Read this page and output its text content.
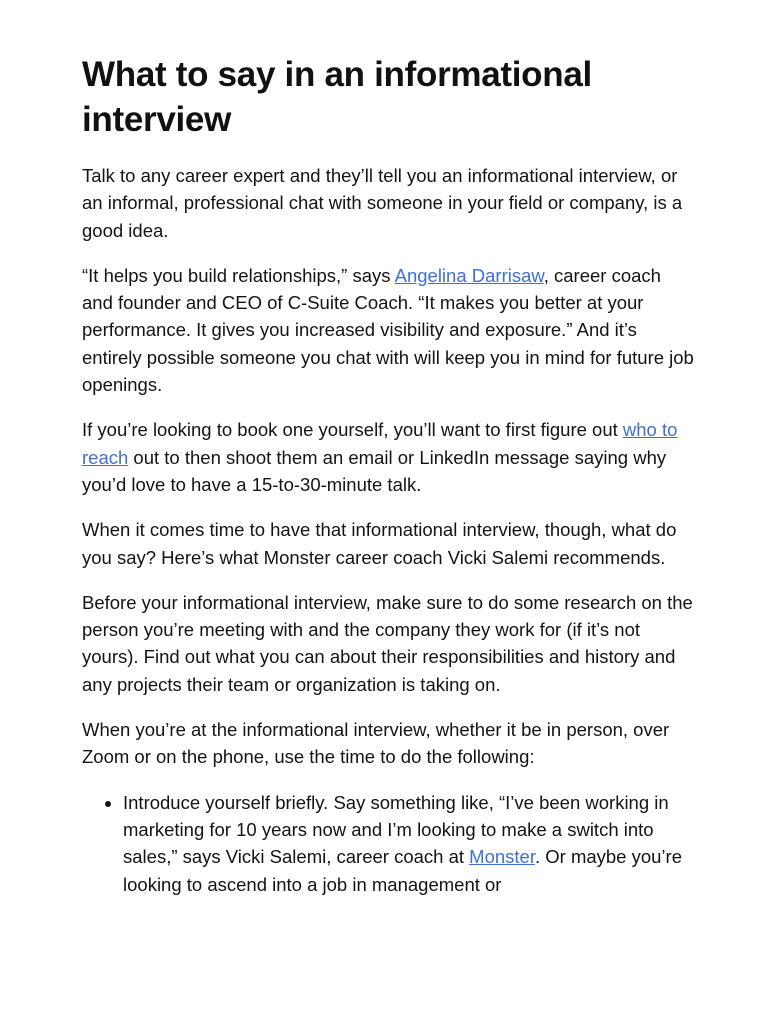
What to say in an informational interview

Talk to any career expert and they’ll tell you an informational interview, or an informal, professional chat with someone in your field or company, is a good idea.

“It helps you build relationships,” says Angelina Darrisaw, career coach and founder and CEO of C-Suite Coach. “It makes you better at your performance. It gives you increased visibility and exposure.” And it’s entirely possible someone you chat with will keep you in mind for future job openings.

If you’re looking to book one yourself, you’ll want to first figure out who to reach out to then shoot them an email or LinkedIn message saying why you’d love to have a 15-to-30-minute talk.

When it comes time to have that informational interview, though, what do you say? Here’s what Monster career coach Vicki Salemi recommends.

Before your informational interview, make sure to do some research on the person you’re meeting with and the company they work for (if it’s not yours). Find out what you can about their responsibilities and history and any projects their team or organization is taking on.

When you’re at the informational interview, whether it be in person, over Zoom or on the phone, use the time to do the following:

• Introduce yourself briefly. Say something like, “I’ve been working in marketing for 10 years now and I’m looking to make a switch into sales,” says Vicki Salemi, career coach at Monster. Or maybe you’re looking to ascend into a job in management or
